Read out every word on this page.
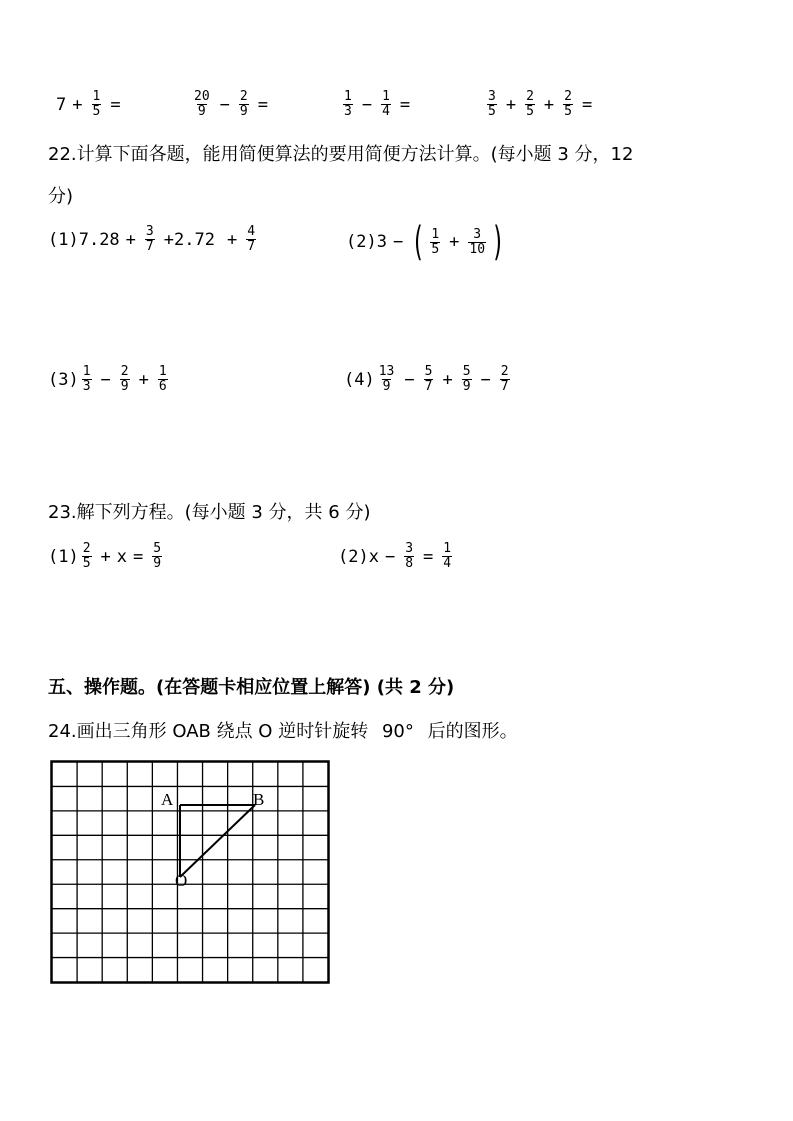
$7 + \frac{1}{5}$ =	$\frac{20}{9} - \frac{2}{9}$ =	$\frac{1}{3} - \frac{1}{4}$ =	$\frac{3}{5} + \frac{2}{5} + \frac{2}{5}$ =
22.计算下面各题，能用简便算法的要用简便方法计算。(每小题 3 分，12
分)
(1) $7.28 + \frac{3}{7} +2.72 + \frac{4}{7}$	(2) 3 − ( $\frac{1}{5} + \frac{3}{10}$ )
$(3) \frac{1}{3} - \frac{2}{9} + \frac{1}{6}$	$(4) \frac{13}{9} - \frac{5}{7} + \frac{5}{9} - \frac{2}{7}$
23.解下列方程。(每小题 3 分，共 6 分)
$(1) \frac{2}{5} + x = \frac{5}{9}$	(2) $x - \frac{3}{8} = \frac{1}{4}$
五、操作题。(在答题卡相应位置上解答) (共 2 分)
24.画出三角形 OAB 绕点 O 逆时针旋转 90° 后的图形。
A	B
O
